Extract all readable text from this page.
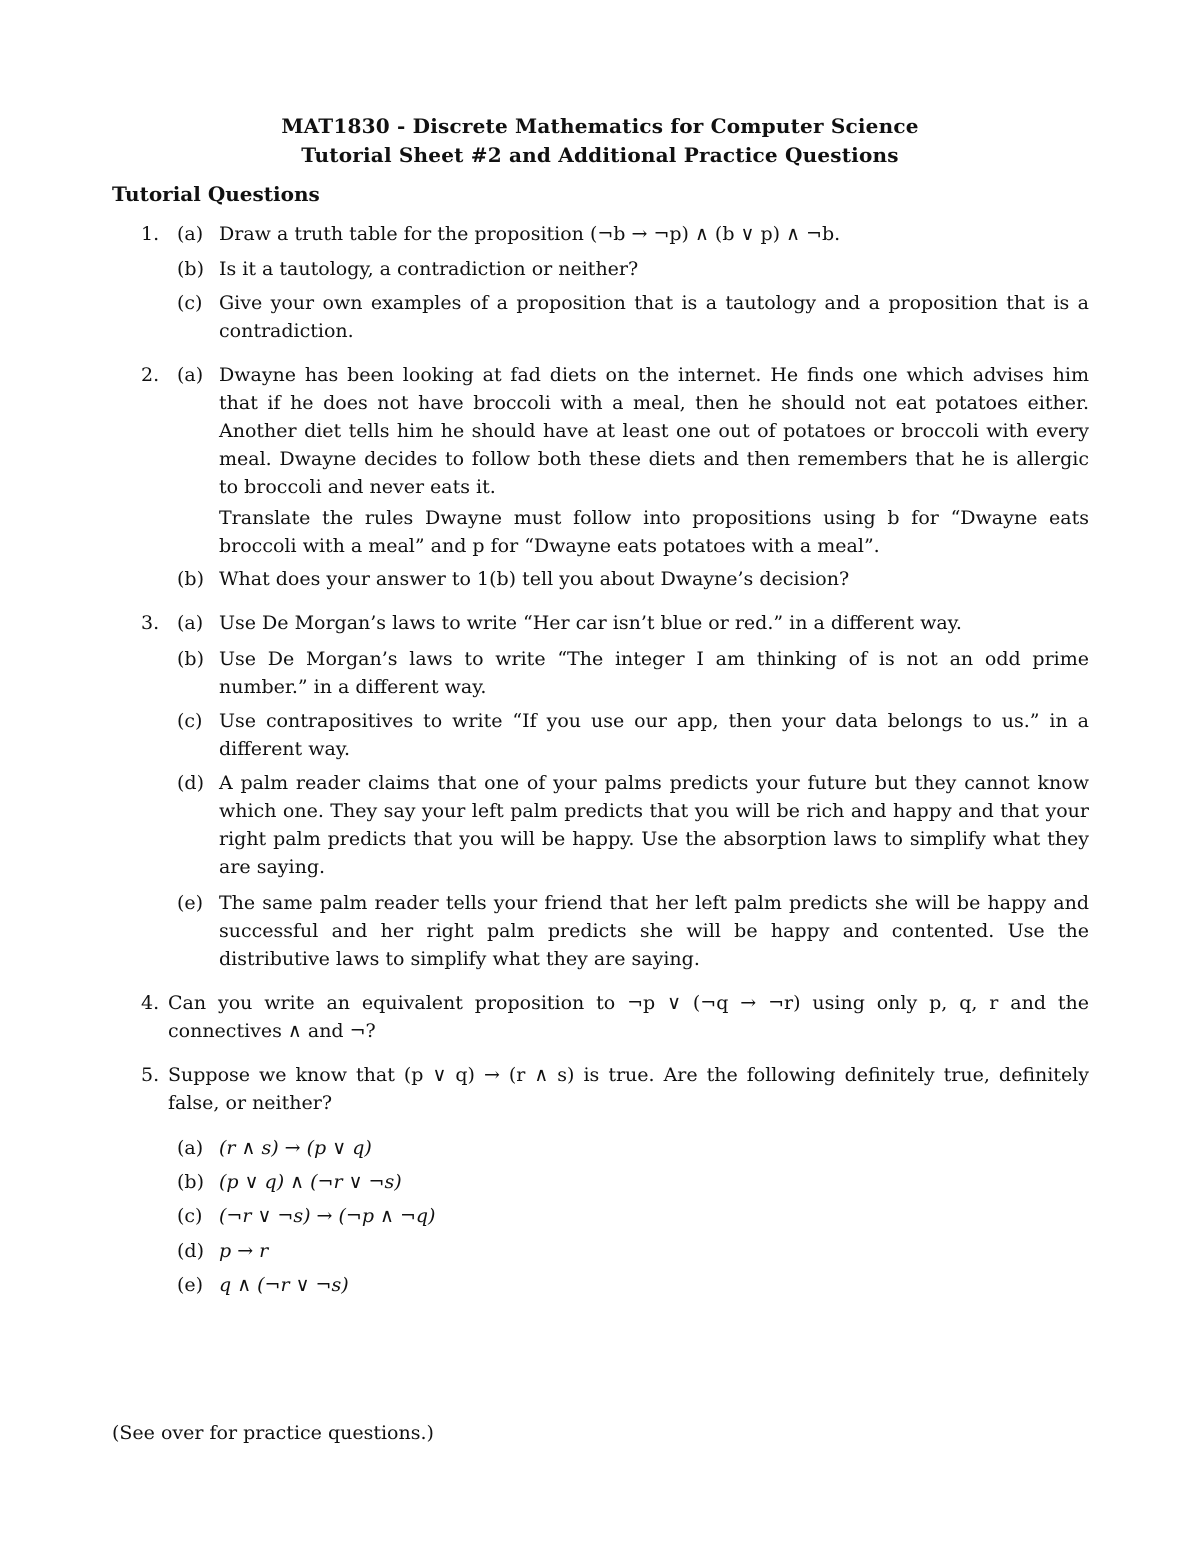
MAT1830 - Discrete Mathematics for Computer Science
Tutorial Sheet #2 and Additional Practice Questions
Tutorial Questions
1. (a) Draw a truth table for the proposition (¬b → ¬p) ∧ (b ∨ p) ∧ ¬b.
(b) Is it a tautology, a contradiction or neither?
(c) Give your own examples of a proposition that is a tautology and a proposition that is a contradiction.
2. (a) Dwayne has been looking at fad diets on the internet. He finds one which advises him that if he does not have broccoli with a meal, then he should not eat potatoes either. Another diet tells him he should have at least one out of potatoes or broccoli with every meal. Dwayne decides to follow both these diets and then remembers that he is allergic to broccoli and never eats it.
Translate the rules Dwayne must follow into propositions using b for “Dwayne eats broccoli with a meal” and p for “Dwayne eats potatoes with a meal”.
(b) What does your answer to 1(b) tell you about Dwayne’s decision?
3. (a) Use De Morgan’s laws to write “Her car isn’t blue or red.” in a different way.
(b) Use De Morgan’s laws to write “The integer I am thinking of is not an odd prime number.” in a different way.
(c) Use contrapositives to write “If you use our app, then your data belongs to us.” in a different way.
(d) A palm reader claims that one of your palms predicts your future but they cannot know which one. They say your left palm predicts that you will be rich and happy and that your right palm predicts that you will be happy. Use the absorption laws to simplify what they are saying.
(e) The same palm reader tells your friend that her left palm predicts she will be happy and successful and her right palm predicts she will be happy and contented. Use the distributive laws to simplify what they are saying.
4. Can you write an equivalent proposition to ¬p ∨ (¬q → ¬r) using only p, q, r and the connectives ∧ and ¬?
5. Suppose we know that (p ∨ q) → (r ∧ s) is true. Are the following definitely true, definitely false, or neither?
(a) (r ∧ s) → (p ∨ q)
(b) (p ∨ q) ∧ (¬r ∨ ¬s)
(c) (¬r ∨ ¬s) → (¬p ∧ ¬q)
(d) p → r
(e) q ∧ (¬r ∨ ¬s)
(See over for practice questions.)
